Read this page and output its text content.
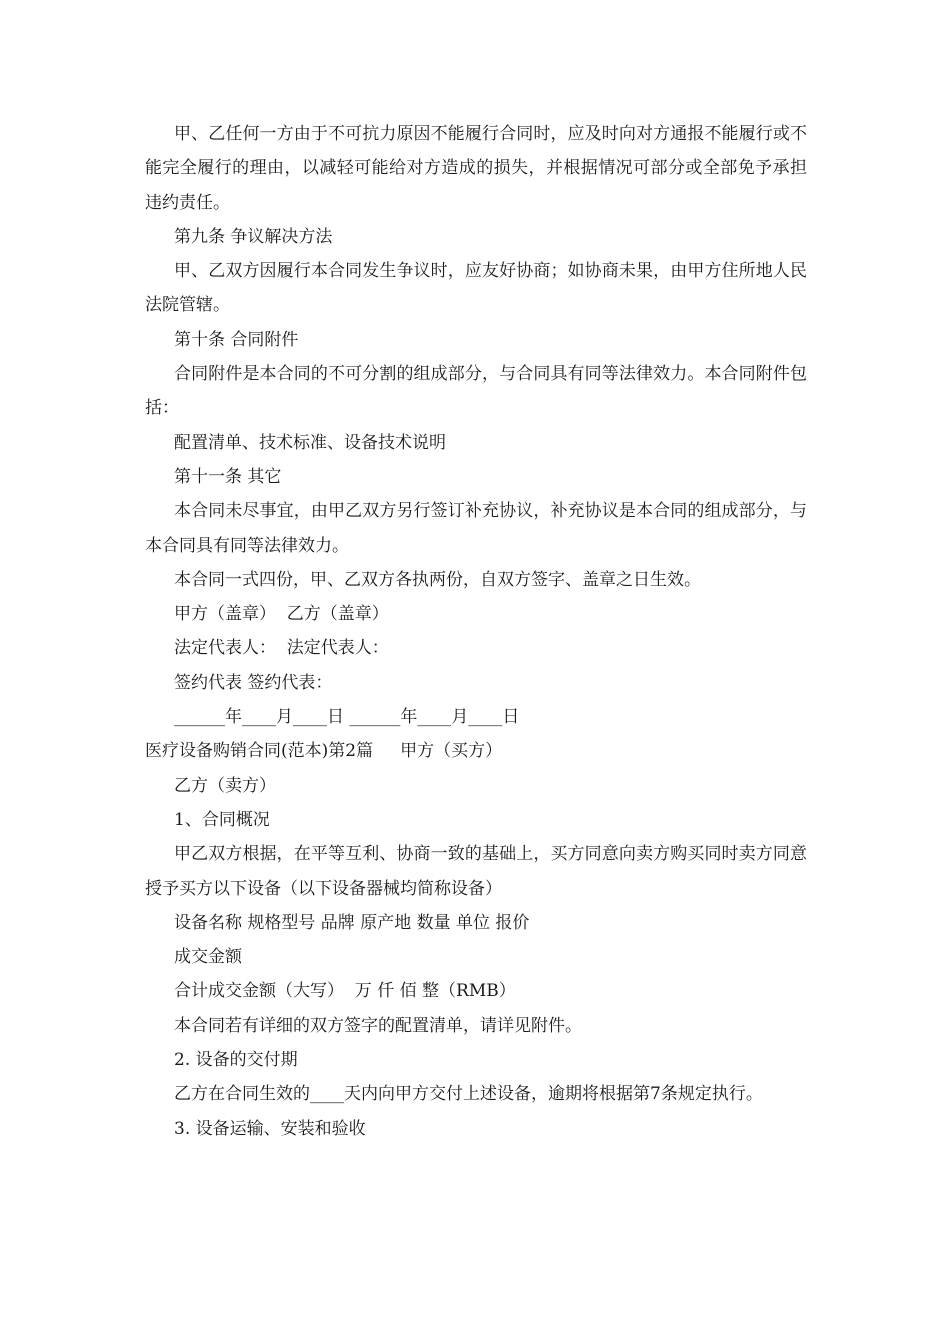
甲、乙任何一方由于不可抗力原因不能履行合同时，应及时向对方通报不能履行或不能完全履行的理由，以减轻可能给对方造成的损失，并根据情况可部分或全部免予承担违约责任。

第九条 争议解决方法

甲、乙双方因履行本合同发生争议时，应友好协商；如协商未果，由甲方住所地人民法院管辖。

第十条 合同附件

合同附件是本合同的不可分割的组成部分，与合同具有同等法律效力。本合同附件包括：

配置清单、技术标准、设备技术说明

第十一条 其它

本合同未尽事宜，由甲乙双方另行签订补充协议，补充协议是本合同的组成部分，与本合同具有同等法律效力。

本合同一式四份，甲、乙双方各执两份，自双方签字、盖章之日生效。

甲方（盖章）  乙方（盖章）

法定代表人：  法定代表人：

签约代表 签约代表：

______年____月____日 ______年____月____日

医疗设备购销合同(范本)第2篇     甲方（买方）

乙方（卖方）

1、合同概况

甲乙双方根据，在平等互利、协商一致的基础上，买方同意向卖方购买同时卖方同意授予买方以下设备（以下设备器械均简称设备）

设备名称 规格型号 品牌 原产地 数量 单位 报价

成交金额

合计成交金额（大写）  万 仟 佰 整（RMB）

本合同若有详细的双方签字的配置清单，请详见附件。

2. 设备的交付期

乙方在合同生效的____天内向甲方交付上述设备，逾期将根据第7条规定执行。

3. 设备运输、安装和验收
